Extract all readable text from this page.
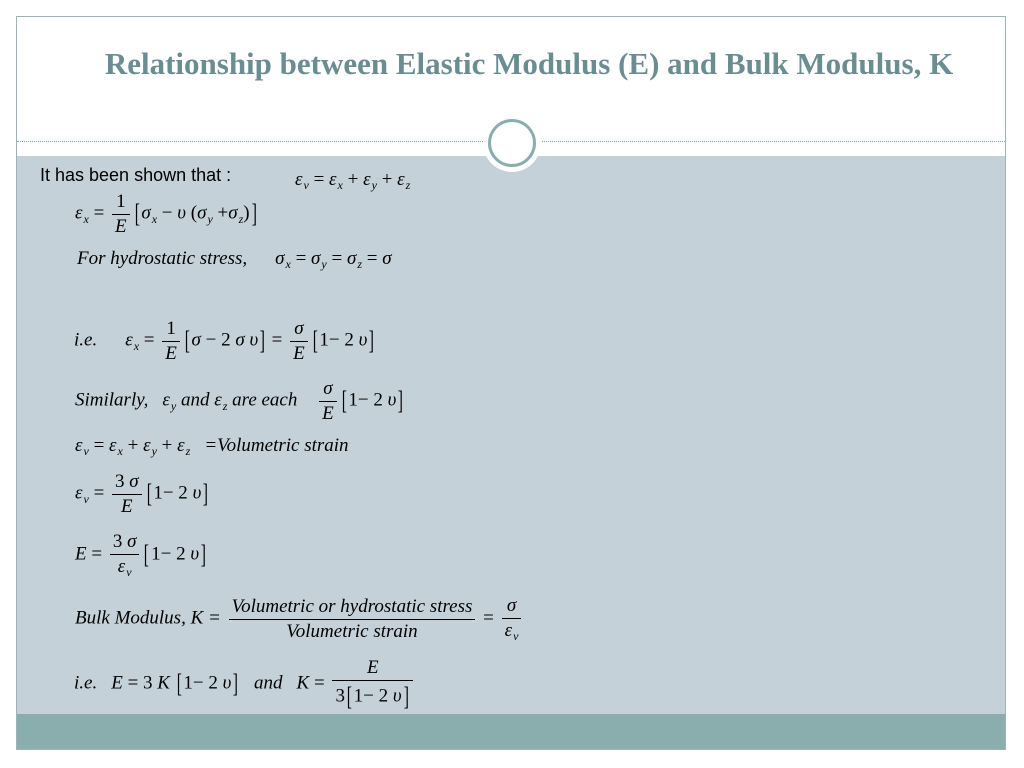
Relationship between Elastic Modulus (E) and Bulk Modulus, K
It has been shown that :	$\varepsilon_v = \varepsilon_x + \varepsilon_y + \varepsilon_z$
$\varepsilon_x = \frac{1}{E} [\sigma_x - \upsilon$ $(\sigma_y +\sigma_z)$]
For hydrostatic stress, $\sigma_x = \sigma_y = \sigma_z = \sigma$
i.e. $\varepsilon_x = \frac{1}{E} [\sigma - 2$ σ $\upsilon] = \frac{\sigma}{E} [1- 2$ υ]
Similarly, $\varepsilon_y$ and $\varepsilon_z$ are each $\frac{\sigma}{E} [1- 2$ υ]
$\varepsilon_v = \varepsilon_x + \varepsilon_y + \varepsilon_z$ =Volumetric strain
$\varepsilon_v = \frac{3 \sigma}{E} [1- 2$ υ]
$E = \frac{3 \sigma}{\varepsilon_v} [1- 2$ υ]
Bulk Modulus, $K = \frac{\text{Volumetric or hydrostatic stress}}{\text{Volumetric strain}} = \frac{\sigma}{\varepsilon_v}$
i.e. E = 3 K [1− 2 υ] and $K = \frac{E}{3[1- 2 \upsilon]}$
